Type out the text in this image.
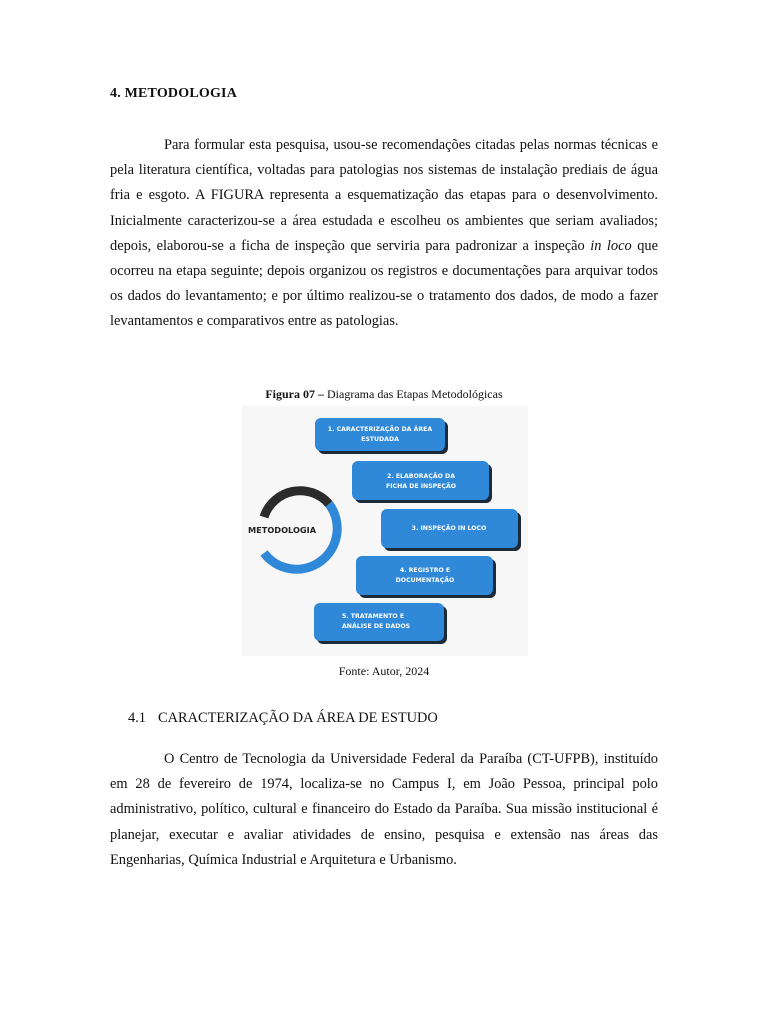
4. METODOLOGIA

Para formular esta pesquisa, usou-se recomendações citadas pelas normas técnicas e pela literatura científica, voltadas para patologias nos sistemas de instalação prediais de água fria e esgoto. A FIGURA representa a esquematização das etapas para o desenvolvimento. Inicialmente caracterizou-se a área estudada e escolheu os ambientes que seriam avaliados; depois, elaborou-se a ficha de inspeção que serviria para padronizar a inspeção in loco que ocorreu na etapa seguinte; depois organizou os registros e documentações para arquivar todos os dados do levantamento; e por último realizou-se o tratamento dos dados, de modo a fazer levantamentos e comparativos entre as patologias.

Figura 07 – Diagrama das Etapas Metodológicas
Fonte: Autor, 2024
4.1 CARACTERIZAÇÃO DA ÁREA DE ESTUDO

O Centro de Tecnologia da Universidade Federal da Paraíba (CT-UFPB), instituído em 28 de fevereiro de 1974, localiza-se no Campus I, em João Pessoa, principal polo administrativo, político, cultural e financeiro do Estado da Paraíba. Sua missão institucional é planejar, executar e avaliar atividades de ensino, pesquisa e extensão nas áreas das Engenharias, Química Industrial e Arquitetura e Urbanismo.

METODOLOGIA
1. CARACTERIZAÇÃO DA ÁREA
ESTUDADA
2. ELABORAÇÃO DA
FICHA DE INSPEÇÃO
3. INSPEÇÃO IN LOCO
4. REGISTRO E
DOCUMENTAÇÃO
5. TRATAMENTO E
ANÁLISE DE DADOS
